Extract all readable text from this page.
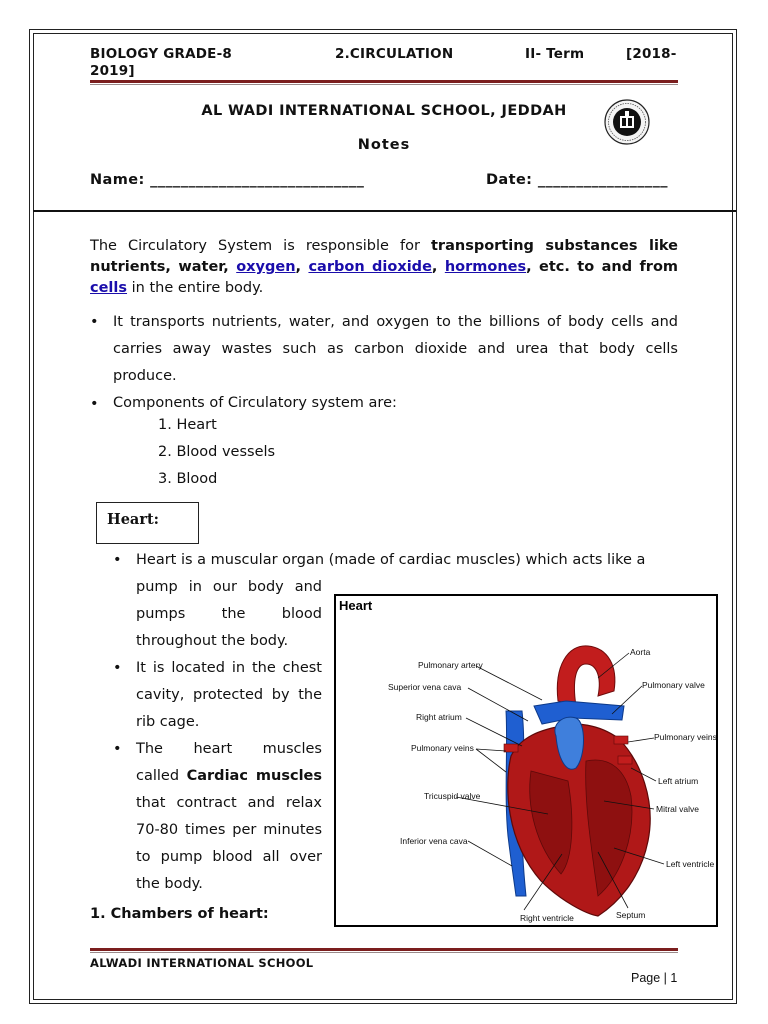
BIOLOGY GRADE-8	2.CIRCULATION	II- Term	[2018-
2019]
AL WADI INTERNATIONAL SCHOOL, JEDDAH
Notes
Name: ____________________________	Date: _________________
The Circulatory System is responsible for transporting substances like nutrients, water, oxygen, carbon dioxide, hormones, etc. to and from cells in the entire body.
• It transports nutrients, water, and oxygen to the billions of body cells and
carries away wastes such as carbon dioxide and urea that body cells
produce.
• Components of Circulatory system are:
1. Heart
2. Blood vessels
3. Blood
Heart:
• Heart is a muscular organ (made of cardiac muscles) which acts like a
pump in our body and
pumps the blood
throughout the body.
• It is located in the chest
cavity, protected by the
rib cage.
• The heart muscles
called Cardiac muscles
that contract and relax
70-80 times per minutes
to pump blood all over
the body.
1. Chambers of heart:
Heart
Pulmonary artery
Aorta
Superior vena cava	Pulmonary valve
Right atrium
Pulmonary veins
Pulmonary veins
Left atrium
Tricuspid valve
Mitral valve
Inferior vena cava
Left ventricle
Right ventricle	Septum
ALWADI INTERNATIONAL SCHOOL
Page | 1
